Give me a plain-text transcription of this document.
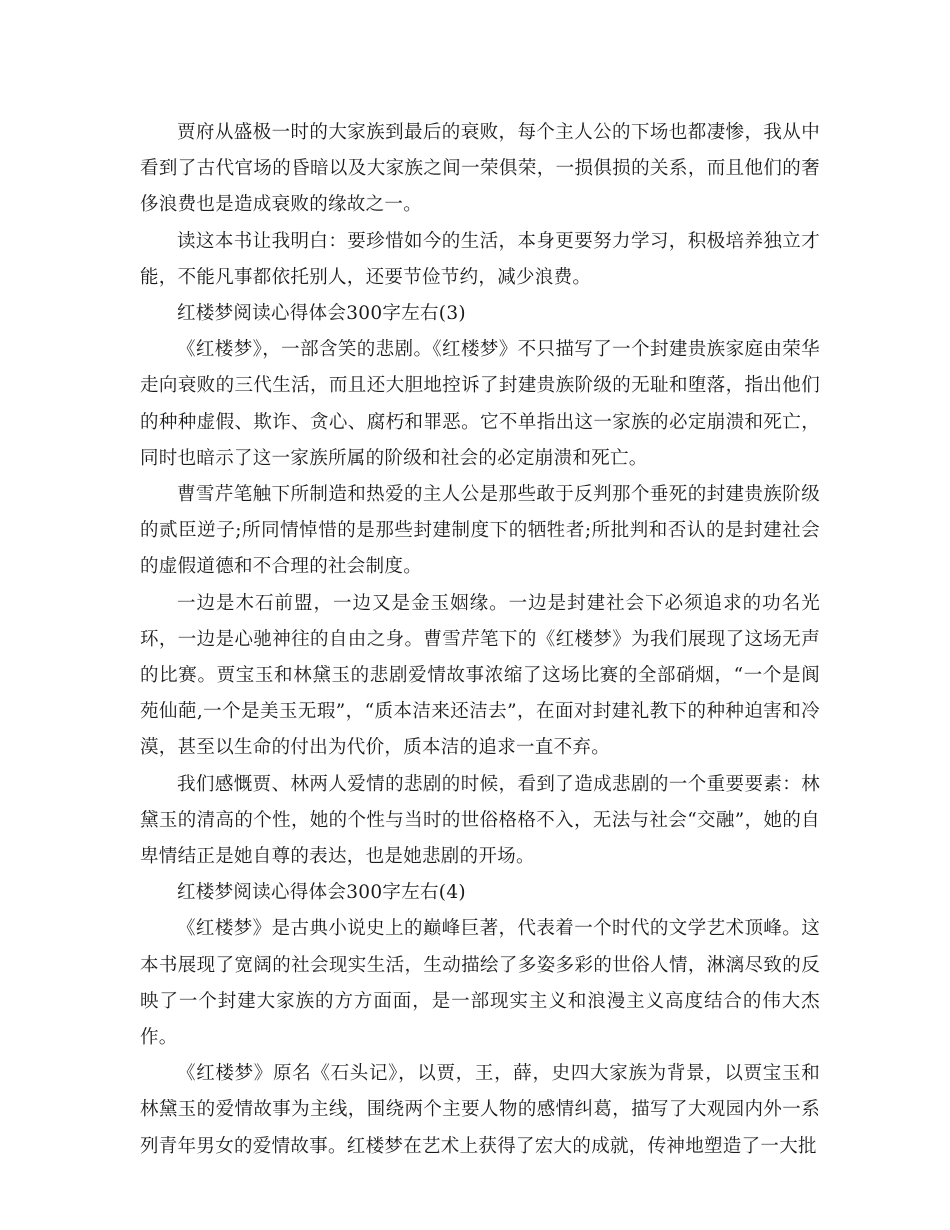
贾府从盛极一时的大家族到最后的衰败，每个主人公的下场也都凄惨，我从中看到了古代官场的昏暗以及大家族之间一荣俱荣，一损俱损的关系，而且他们的奢侈浪费也是造成衰败的缘故之一。

读这本书让我明白：要珍惜如今的生活，本身更要努力学习，积极培养独立才能，不能凡事都依托别人，还要节俭节约，减少浪费。

红楼梦阅读心得体会300字左右(3)

《红楼梦》，一部含笑的悲剧。《红楼梦》不只描写了一个封建贵族家庭由荣华走向衰败的三代生活，而且还大胆地控诉了封建贵族阶级的无耻和堕落，指出他们的种种虚假、欺诈、贪心、腐朽和罪恶。它不单指出这一家族的必定崩溃和死亡，同时也暗示了这一家族所属的阶级和社会的必定崩溃和死亡。

曹雪芹笔触下所制造和热爱的主人公是那些敢于反判那个垂死的封建贵族阶级的贰臣逆子;所同情悼惜的是那些封建制度下的牺牲者;所批判和否认的是封建社会的虚假道德和不合理的社会制度。

一边是木石前盟，一边又是金玉姻缘。一边是封建社会下必须追求的功名光环，一边是心驰神往的自由之身。曹雪芹笔下的《红楼梦》为我们展现了这场无声的比赛。贾宝玉和林黛玉的悲剧爱情故事浓缩了这场比赛的全部硝烟，“一个是阆苑仙葩,一个是美玉无瑕”，“质本洁来还洁去”，在面对封建礼教下的种种迫害和冷漠，甚至以生命的付出为代价，质本洁的追求一直不弃。

我们感慨贾、林两人爱情的悲剧的时候，看到了造成悲剧的一个重要要素：林黛玉的清高的个性，她的个性与当时的世俗格格不入，无法与社会“交融”，她的自卑情结正是她自尊的表达，也是她悲剧的开场。

红楼梦阅读心得体会300字左右(4)

《红楼梦》是古典小说史上的巅峰巨著，代表着一个时代的文学艺术顶峰。这本书展现了宽阔的社会现实生活，生动描绘了多姿多彩的世俗人情，淋漓尽致的反映了一个封建大家族的方方面面，是一部现实主义和浪漫主义高度结合的伟大杰作。

《红楼梦》原名《石头记》，以贾，王，薛，史四大家族为背景，以贾宝玉和林黛玉的爱情故事为主线，围绕两个主要人物的感情纠葛，描写了大观园内外一系列青年男女的爱情故事。红楼梦在艺术上获得了宏大的成就，传神地塑造了一大批
